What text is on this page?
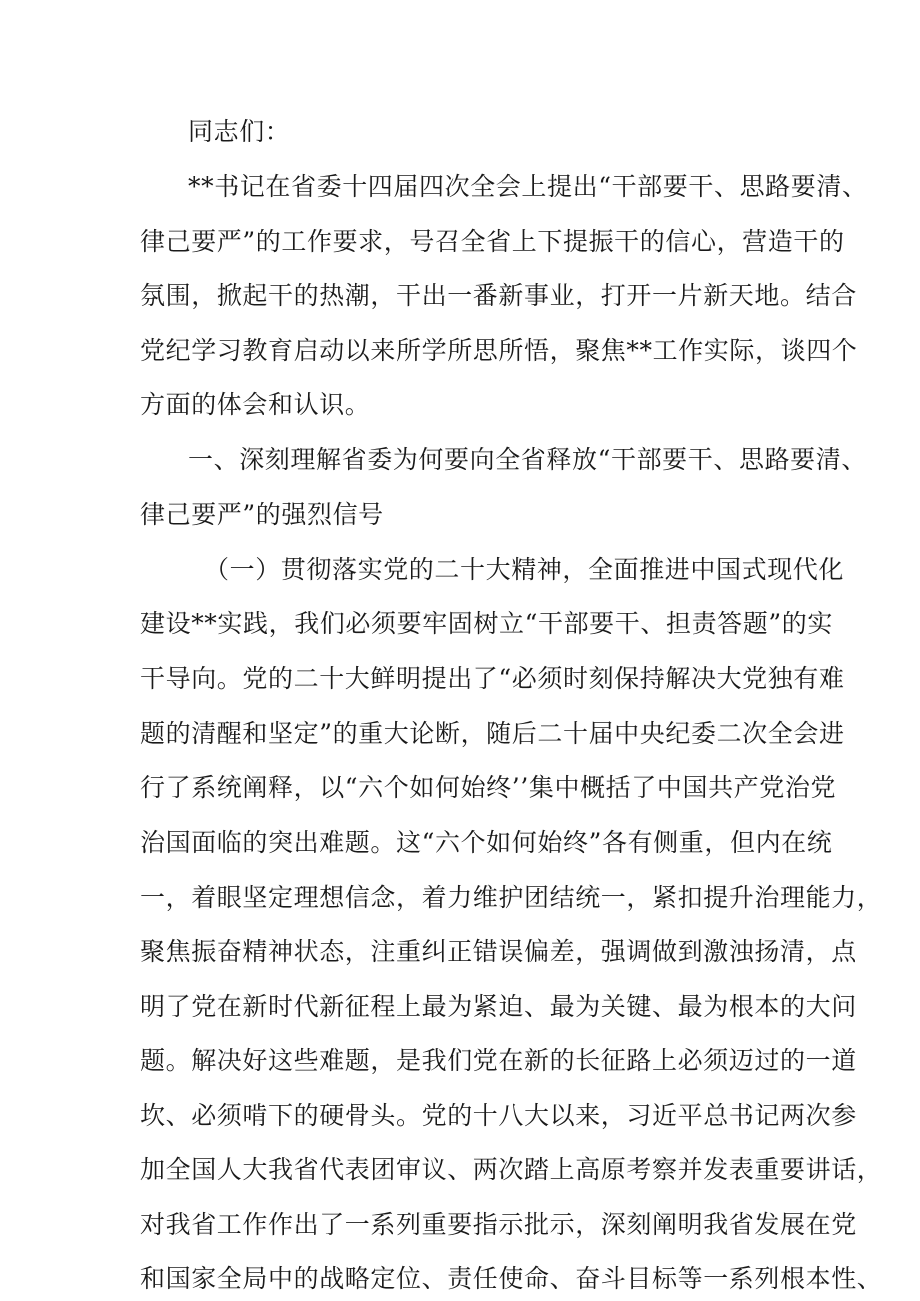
同志们：

**书记在省委十四届四次全会上提出“干部要干、思路要清、

律己要严”的工作要求，号召全省上下提振干的信心，营造干的

氛围，掀起干的热潮，干出一番新事业，打开一片新天地。结合

党纪学习教育启动以来所学所思所悟，聚焦**工作实际，谈四个

方面的体会和认识。

一、深刻理解省委为何要向全省释放“干部要干、思路要清、

律己要严”的强烈信号

（一）贯彻落实党的二十大精神，全面推进中国式现代化

建设**实践，我们必须要牢固树立“干部要干、担责答题”的实

干导向。党的二十大鲜明提出了“必须时刻保持解决大党独有难

题的清醒和坚定”的重大论断，随后二十届中央纪委二次全会进

行了系统阐释，以“六个如何始终’’集中概括了中国共产党治党

治国面临的突出难题。这“六个如何始终”各有侧重，但内在统

一，着眼坚定理想信念，着力维护团结统一，紧扣提升治理能力，

聚焦振奋精神状态，注重纠正错误偏差，强调做到激浊扬清，点

明了党在新时代新征程上最为紧迫、最为关键、最为根本的大问

题。解决好这些难题，是我们党在新的长征路上必须迈过的一道

坎、必须啃下的硬骨头。党的十八大以来，习近平总书记两次参

加全国人大我省代表团审议、两次踏上高原考察并发表重要讲话，

对我省工作作出了一系列重要指示批示，深刻阐明我省发展在党

和国家全局中的战略定位、责任使命、奋斗目标等一系列根本性、
